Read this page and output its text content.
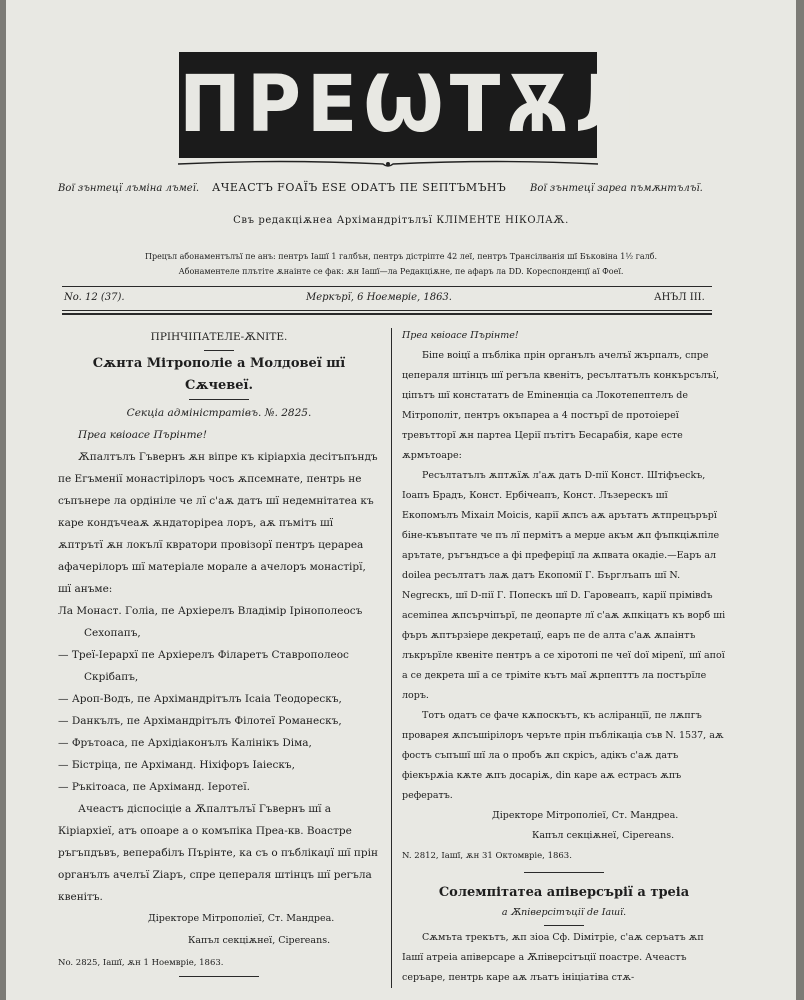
ПРЕѠТѪЛ
Воï зънтецї лъміна лъмеї. АЧЕАСТЪ FОАЇЪ ЕSЕ ОDАТЪ ПЕ SЕПТЪМЪНЪ Воï зънтецї зареа пъмѫнтълъї.
Свъ редакціѫнеа Архімандрітълъї КЛІМЕНТЕ НІКОЛАѪ.
Прецъл абонаментълъї пе анъ: пентръ Іашї 1 галбън, пентръ дістріпте 42 леї, пентръ Трансілванія шї Бъковіна 1½ галб.
Абонаментеле плътіте ѫнаінте се фак: ѫн Іашї—ла Редакціѫне, пе афаръ ла DD. Кореспонденцї аї Фоеї.
No. 12 (37).	Меркърї, 6 Ноемвріе, 1863.	АНЪЛ III.

ПРІНЧІПАТЕЛЕ-ѪNІТЕ.

Сѫнта Мітрополіе а Молдовеї шї Сѫчевеї.

Секціа адміністратівъ. №. 2825.

Преа квіоасе Пърінте!

Ѫпалтълъ Гъвернъ ѫн віпре къ кірiархiа десітъпъндъ пе Егъменії монастірілоръ чосъ ѫпсемнате, пентрь не съпънере ла ордініле че лї с'аѫ датъ шї недемнітатеа къ каре кондъчеаѫ ѫндаторіреа лоръ, аѫ пъмітъ шї ѫптрътї ѫн локълї квратори провізорї пентръ церареа афачерілоръ шї матеріале морале а ачелоръ монастірї, шї анъме:

Ла Монаст. Голіа, пе Архіерелъ Владімір Ірінополеосъ Сехопапъ,

— Треї-Іерархї пе Архіерелъ Філаретъ Ставрополеос Скрібапъ,

— Ароп-Водъ, пе Архімандрітълъ Ісаіа Теодореcкъ,

— Dанкълъ, пе Архімандрітълъ Філотеї Романескъ,

— Фрътоаса, пе Архідіаконълъ Калінікъ Dіма,

— Бістріца, пе Архіманд. Ніхіфоръ Іаіескъ,

— Ръкітоаса, пе Архіманд. Іеротеї.

Ачеастъ діспосіціе а Ѫпалтълъї Гъвернъ шї а Кірiархіеї, атъ опоаре а о комъпіка Преа-кв. Воастре ръгъпдъвъ, веперабілъ Пърінте, ка съ о пъблікаџї шї прін органълъ ачелъї Ziаръ, спре цепераля штінцъ шї регъла квенітъ.

Діректоре Мітрополіеї, Ст. Мандреа.

Капъл секціѫнеї, Сіреrеаnѕ.

No. 2825, Іашї, ѫн 1 Ноемвріе, 1863.

Преа квіоасе Пърінте!

Біпе воіцї а пъбліка прін органълъ ачелъї жърпалъ, спре цепераля штінцъ шї регъла квенітъ, ресълтатълъ конкърсълъї, ціпътъ шї констататъ de Еmіnенціа са Локотепептелъ de Мітрополіт, пентръ окъпареа а 4 постърї de протоіереї тревътторї ѫн партеа Церії пътітъ Бесарабія, каре есте ѫрмътоаре:

Ресълтатълъ ѫптѫїѫ л'аѫ датъ D-пії Конст. Штіфъесkъ, Іоапъ Брадъ, Конст. Ербічеапъ, Конст. Лъзерескъ шї Екопомълъ Міхаіл Моісіs, карії ѫпсъ аѫ арътатъ ѫтпрецърърї біне-къвъптате че пъ лї пермітъ а мерџе акъм ѫп фъпкціѫпіле арътате, ръгъндъсе а фі преферіцї ла ѫпвата окадіе.—Еаръ ал dоіlеа ресълтатъ лаѫ датъ Екопомії Г. Бърглъапъ шї N. Nеgrескъ, шї D-пії Г. Попескъ шї D. Гаровеапъ, карії прімівdъ асеmіпеа ѫпсърчіпърї, пе деопарте лї с'аѫ ѫпкіцатъ къ ворб ші фъръ ѫптързіере декретацї, еаръ пе de алта с'аѫ ѫпаінтъ лъкрърїле квеніте пентръ а се хіротопі пе чеї doї міреnї, шї апої а се декрета шї а се тріміте кътъ маї ѫрпепттъ ла постърїле лоръ.

Тотъ одатъ се фаче кѫпоскътъ, къ асліранцїї, пе лѫпгъ проварея ѫпсъшірілоръ черъте прін пъблікаціа съв N. 1537, аѫ фостъ съпъшї шї ла о пробъ ѫп скрісъ, адікъ с'аѫ датъ фіекърѫіа кѫте ѫпъ досаріѫ, din каре аѫ естрасъ ѫпъ рефератъ.

Діректоре Мітрополіеї, Ст. Мандреа.

Капъл секціѫнеї, Сіреrеаnѕ.

N. 2812, Іашї, ѫн 31 Октомвріе, 1863.

Солемпітатеа апіверсърії а треіа

а Ѫпіверсітъції de Іашї.

Сѫмъта трекътъ, ѫп зіоа Сф. Dімітріе, с'аѫ серъатъ ѫп Іашї атреіа апіверсаре а Ѫпіверсітъції поастре. Ачеастъ серъаре, пентрь каре аѫ лъатъ ініціатіва стѫ-
